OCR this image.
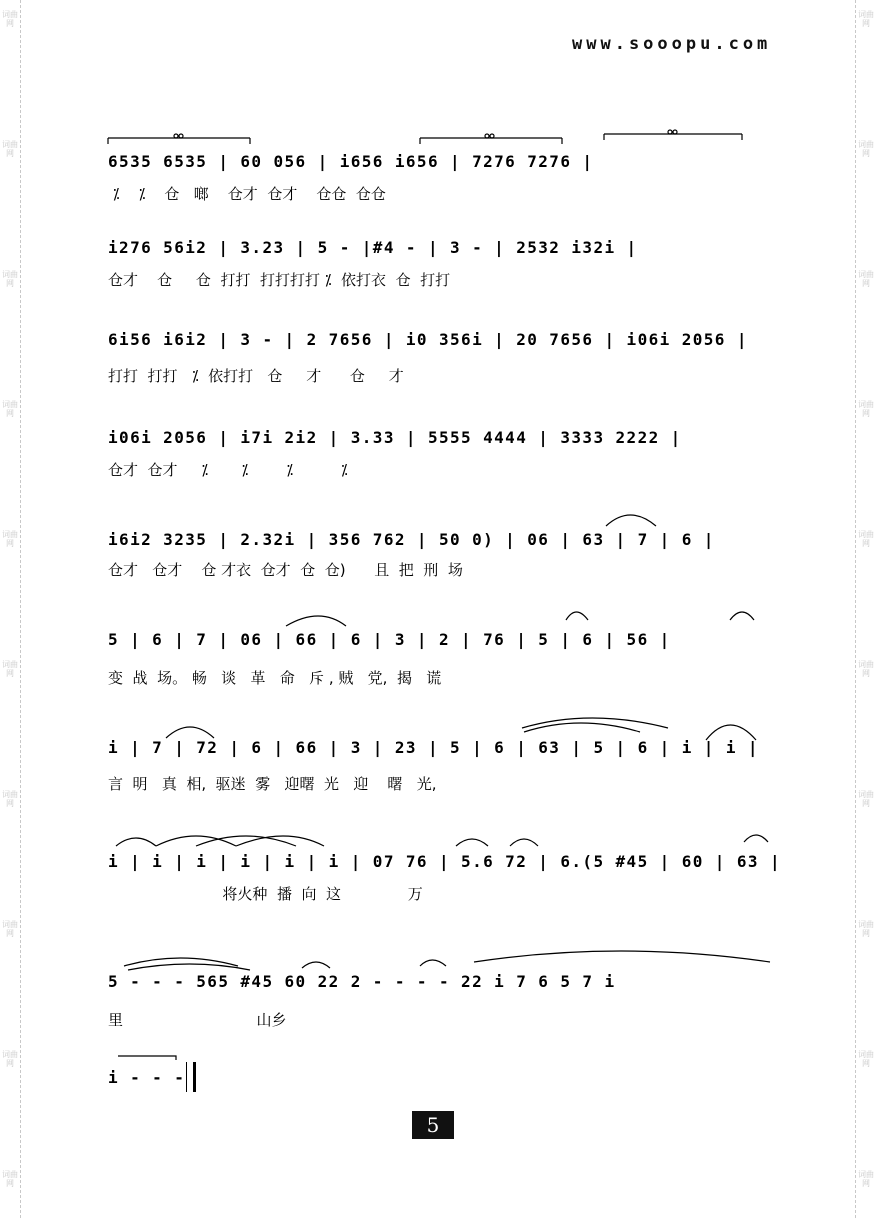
词曲网
词曲网
词曲网
词曲网
词曲网
词曲网
词曲网
词曲网
词曲网
词曲网
词曲网
词曲网
词曲网
词曲网
词曲网
词曲网
词曲网
词曲网
词曲网
词曲网
www.sooopu.com
6535 6535 | 60 056 | i656 i656 | 7276 7276 |
⁒    ⁒    仓   啷    仓才  仓才    仓仓  仓仓
i276 56i2 | 3.23 | 5 - |#4 - | 3 - | 2532 i32i |
仓才    仓     仓  打打  打打打打 ⁒  依打衣  仓  打打
6i56 i6i2 | 3 - | 2 7656 | i0 356i | 20 7656 | i06i 2056 |
打打  打打   ⁒  依打打   仓     才      仓     才
i06i 2056 | i7i 2i2 | 3.33 | 5555 4444 | 3333 2222 |
仓才  仓才     ⁒       ⁒        ⁒          ⁒
i6i2 3235 | 2.32i | 356 762 | 50 0) | 06 | 63 | 7 | 6 |
仓才   仓才    仓 才衣  仓才  仓  仓)      且  把  刑  场
5 | 6 | 7 | 06 | 66 | 6 | 3 | 2 | 76 | 5 | 6 | 56 |
变  战  场。 畅   谈   革   命   斥 , 贼   党,  揭   谎
i | 7 | 72 | 6 | 66 | 3 | 23 | 5 | 6 | 63 | 5 | 6 | i | i |
言  明   真  相,  驱迷  雾   迎曙  光   迎    曙   光,
i | i | i | i | i | i | 07 76 | 5.6 72 | 6.(5 #45 | 60 | 63 |
将火种  播  向  这              万
5 - - - 565 #45 60 22 2 - - - - 22 i 7 6 5 7 i
里                            山乡
i - - -
5
